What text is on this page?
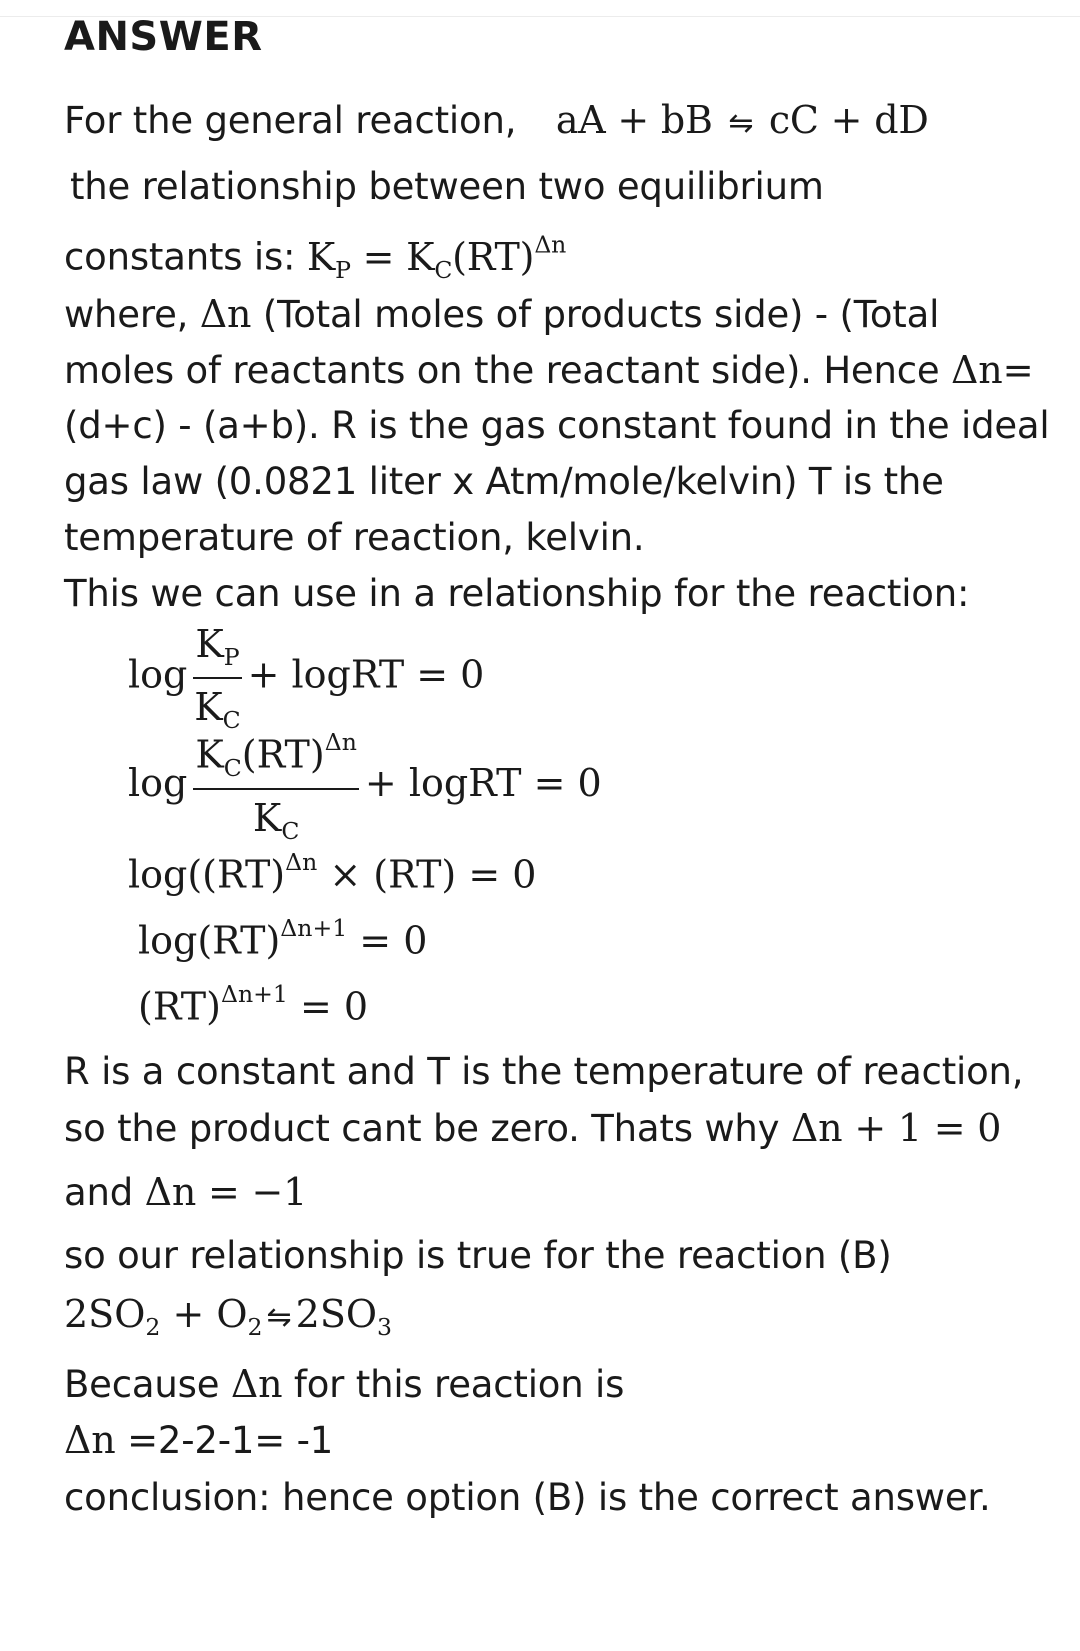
ANSWER
For the general reaction, aA + bB ⇋ cC + dD
the relationship between two equilibrium
constants is: $K_P = K_C(RT)^{\Delta n}$
where, Δn (Total moles of products side) - (Total
moles of reactants on the reactant side). Hence Δn=
(d+c) - (a+b). R is the gas constant found in the ideal
gas law (0.0821 liter x Atm/mole/kelvin) T is the
temperature of reaction, kelvin.
This we can use in a relationship for the reaction:
$\log \frac{K_P}{K_C}$ + logRT = 0
$\log \frac{K_C(RT)^{\Delta n}}{K_C}$ + logRT = 0
log((RT)$^{\Delta n}$ × (RT) = 0
log(RT)$^{\Delta n+1}$ = 0
(RT)$^{\Delta n+1}$ = 0
R is a constant and T is the temperature of reaction,
so the product cant be zero. Thats why Δn + 1 = 0
and Δn = −1
so our relationship is true for the reaction (B)
$2SO_2 + O_2$ ⇋ $2SO_3$
Because Δn for this reaction is
Δn =2-2-1= -1
conclusion: hence option (B) is the correct answer.
